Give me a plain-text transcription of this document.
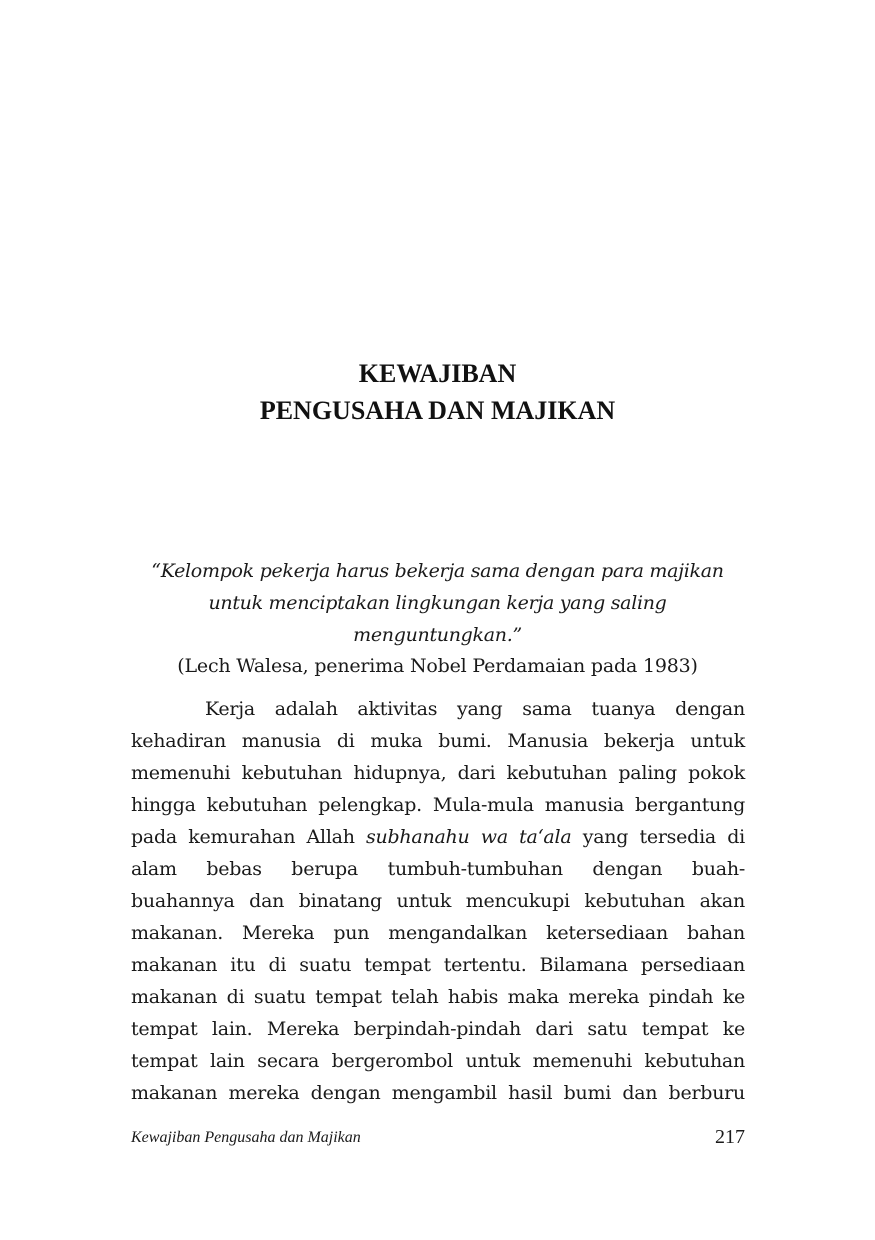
KEWAJIBAN
PENGUSAHA DAN MAJIKAN
“Kelompok pekerja harus bekerja sama dengan para majikan
untuk menciptakan lingkungan kerja yang saling
menguntungkan.”
(Lech Walesa, penerima Nobel Perdamaian pada 1983)
Kerja adalah aktivitas yang sama tuanya dengan
kehadiran manusia di muka bumi. Manusia bekerja untuk
memenuhi kebutuhan hidupnya, dari kebutuhan paling pokok
hingga kebutuhan pelengkap. Mula-mula manusia bergantung
pada kemurahan Allah subhanahu wa ta‘ala yang tersedia di
alam bebas berupa tumbuh-tumbuhan dengan buah-
buahannya dan binatang untuk mencukupi kebutuhan akan
makanan. Mereka pun mengandalkan ketersediaan bahan
makanan itu di suatu tempat tertentu. Bilamana persediaan
makanan di suatu tempat telah habis maka mereka pindah ke
tempat lain. Mereka berpindah-pindah dari satu tempat ke
tempat lain secara bergerombol untuk memenuhi kebutuhan
makanan mereka dengan mengambil hasil bumi dan berburu
Kewajiban Pengusaha dan Majikan	217
